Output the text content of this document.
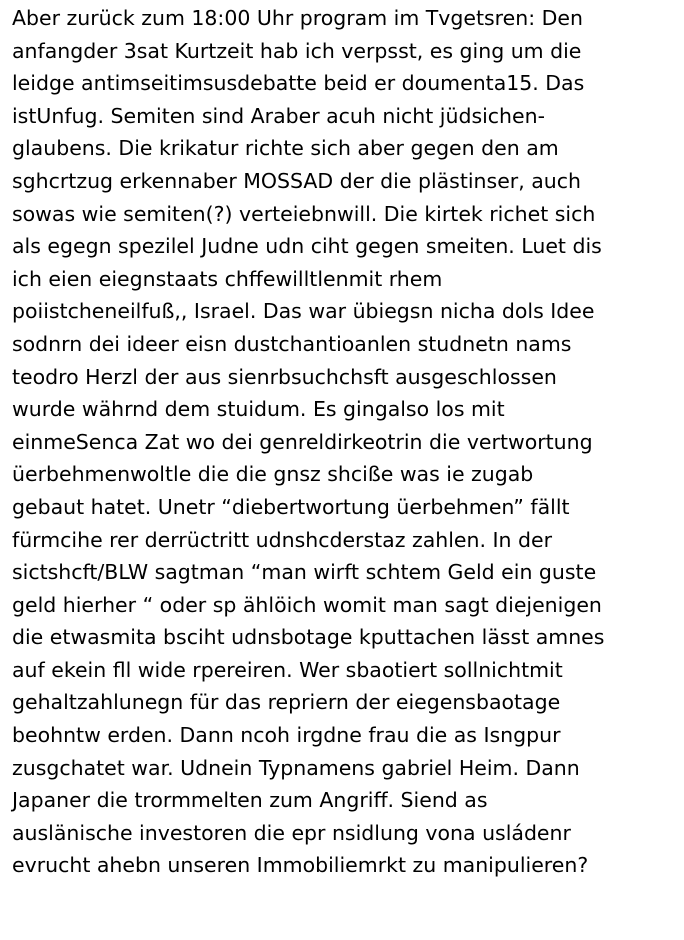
Aber zurück zum 18:00 Uhr program im Tvgetsren: Den
anfangder 3sat Kurtzeit hab ich verpsst, es ging um die
leidge antimseitimsusdebatte beid er doumenta15. Das
istUnfug. Semiten sind Araber acuh nicht jüdsichen-
glaubens. Die krikatur richte sich aber gegen den am
sghcrtzug erkennaber MOSSAD der die plästinser, auch
sowas wie semiten(?) verteiebnwill. Die kirtek richet sich
als egegn spezilel Judne udn ciht gegen smeiten. Luet dis
ich eien eiegnstaats chffewilltlenmit rhem
poiistcheneilfuß,, Israel. Das war übiegsn nicha dols Idee
sodnrn dei ideer eisn dustchantioanlen studnetn nams
teodro Herzl der aus sienrbsuchchsft ausgeschlossen
wurde währnd dem stuidum. Es gingalso los mit
einmeSenca Zat wo dei genreldirkeotrin die vertwortung
üerbehmenwoltle die die gnsz shciße was ie zugab
gebaut hatet. Unetr “diebertwortung üerbehmen” fällt
fürmcihe rer derrüctritt udnshcderstaz zahlen. In der
sictshcft/BLW sagtman “man wirft schtem Geld ein guste
geld hierher “ oder sp ählöich womit man sagt diejenigen
die etwasmita bsciht udnsbotage kputtachen lässt amnes
auf ekein fll wide rpereiren. Wer sbaotiert sollnichtmit
gehaltzahlunegn für das repriern der eiegensbaotage
beohntw erden. Dann ncoh irgdne frau die as Isngpur
zusgchatet war. Udnein Typnamens gabriel Heim. Dann
Japaner die trormmelten zum Angriff. Siend as
auslänische investoren die epr nsidlung vona usládenr
evrucht ahebn unseren Immobiliemrkt zu manipulieren?
